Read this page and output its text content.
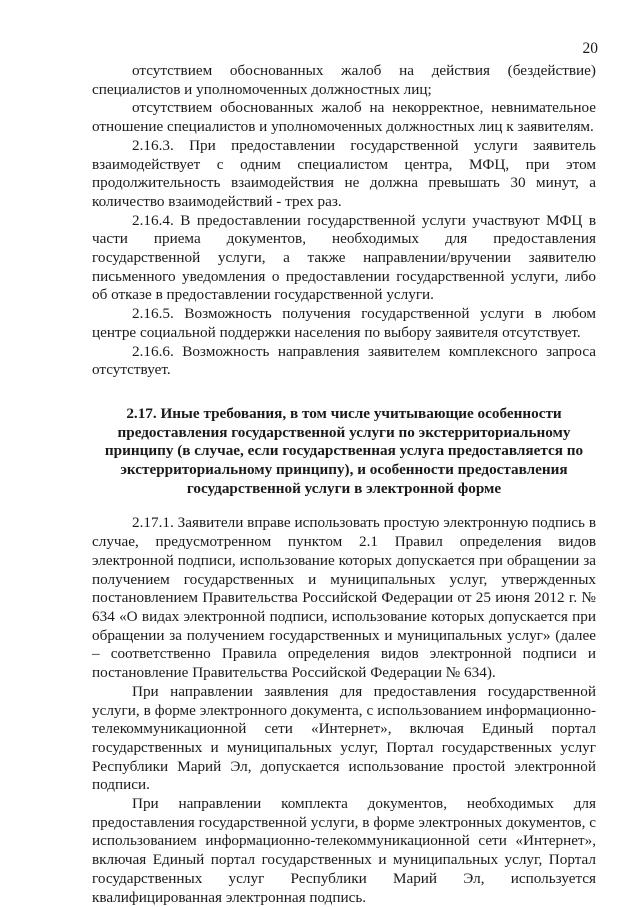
20

отсутствием обоснованных жалоб на действия (бездействие) специалистов и уполномоченных должностных лиц;

отсутствием обоснованных жалоб на некорректное, невнимательное отношение специалистов и уполномоченных должностных лиц к заявителям.

2.16.3. При предоставлении государственной услуги заявитель взаимодействует с одним специалистом центра, МФЦ, при этом продолжительность взаимодействия не должна превышать 30 минут, а количество взаимодействий - трех раз.

2.16.4. В предоставлении государственной услуги участвуют МФЦ в части приема документов, необходимых для предоставления государственной услуги, а также направлении/вручении заявителю письменного уведомления о предоставлении государственной услуги, либо об отказе в предоставлении государственной услуги.

2.16.5. Возможность получения государственной услуги в любом центре социальной поддержки населения по выбору заявителя отсутствует.

2.16.6. Возможность направления заявителем комплексного запроса отсутствует.

2.17. Иные требования, в том числе учитывающие особенности предоставления государственной услуги по экстерриториальному принципу (в случае, если государственная услуга предоставляется по экстерриториальному принципу), и особенности предоставления государственной услуги в электронной форме

2.17.1. Заявители вправе использовать простую электронную подпись в случае, предусмотренном пунктом 2.1 Правил определения видов электронной подписи, использование которых допускается при обращении за получением государственных и муниципальных услуг, утвержденных постановлением Правительства Российской Федерации от 25 июня 2012 г. № 634 «О видах электронной подписи, использование которых допускается при обращении за получением государственных и муниципальных услуг» (далее – соответственно Правила определения видов электронной подписи и постановление Правительства Российской Федерации № 634).

При направлении заявления для предоставления государственной услуги, в форме электронного документа, с использованием информационно-телекоммуникационной сети «Интернет», включая Единый портал государственных и муниципальных услуг, Портал государственных услуг Республики Марий Эл, допускается использование простой электронной подписи.

При направлении комплекта документов, необходимых для предоставления государственной услуги, в форме электронных документов, с использованием информационно-телекоммуникационной сети «Интернет», включая Единый портал государственных и муниципальных услуг, Портал государственных услуг Республики Марий Эл, используется квалифицированная электронная подпись.
